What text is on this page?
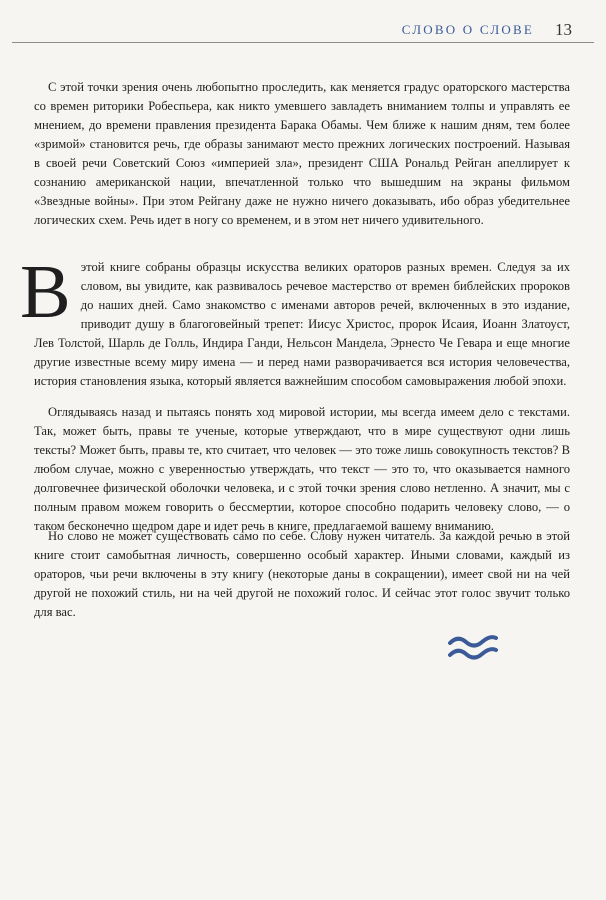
СЛОВО О СЛОВЕ 13

С этой точки зрения очень любопытно проследить, как меняется градус ораторского мастерства со времен риторики Робеспьера, как никто умевшего завладеть вниманием толпы и управлять ее мнением, до времени правления президента Барака Обамы. Чем ближе к нашим дням, тем более «зримой» становится речь, где образы занимают место прежних логических построений. Называя в своей речи Советский Союз «империей зла», президент США Рональд Рейган апеллирует к сознанию американской нации, впечатленной только что вышедшим на экраны фильмом «Звездные войны». При этом Рейгану даже не нужно ничего доказывать, ибо образ убедительнее логических схем. Речь идет в ногу со временем, и в этом нет ничего удивительного.

В этой книге собраны образцы искусства великих ораторов разных времен. Следуя за их словом, вы увидите, как развивалось речевое мастерство от времен библейских пророков до наших дней. Само знакомство с именами авторов речей, включенных в это издание, приводит душу в благоговейный трепет: Иисус Христос, пророк Исаия, Иоанн Златоуст, Лев Толстой, Шарль де Голль, Индира Ганди, Нельсон Мандела, Эрнесто Че Гевара и еще многие другие известные всему миру имена — и перед нами разворачивается вся история человечества, история становления языка, который является важнейшим способом самовыражения любой эпохи.

Оглядываясь назад и пытаясь понять ход мировой истории, мы всегда имеем дело с текстами. Так, может быть, правы те ученые, которые утверждают, что в мире существуют одни лишь тексты? Может быть, правы те, кто считает, что человек — это тоже лишь совокупность текстов? В любом случае, можно с уверенностью утверждать, что текст — это то, что оказывается намного долговечнее физической оболочки человека, и с этой точки зрения слово нетленно. А значит, мы с полным правом можем говорить о бессмертии, которое способно подарить человеку слово, — о таком бесконечно щедром даре и идет речь в книге, предлагаемой вашему вниманию.

Но слово не может существовать само по себе. Слову нужен читатель. За каждой речью в этой книге стоит самобытная личность, совершенно особый характер. Иными словами, каждый из ораторов, чьи речи включены в эту книгу (некоторые даны в сокращении), имеет свой ни на чей другой не похожий стиль, ни на чей другой не похожий голос. И сейчас этот голос звучит только для вас.
